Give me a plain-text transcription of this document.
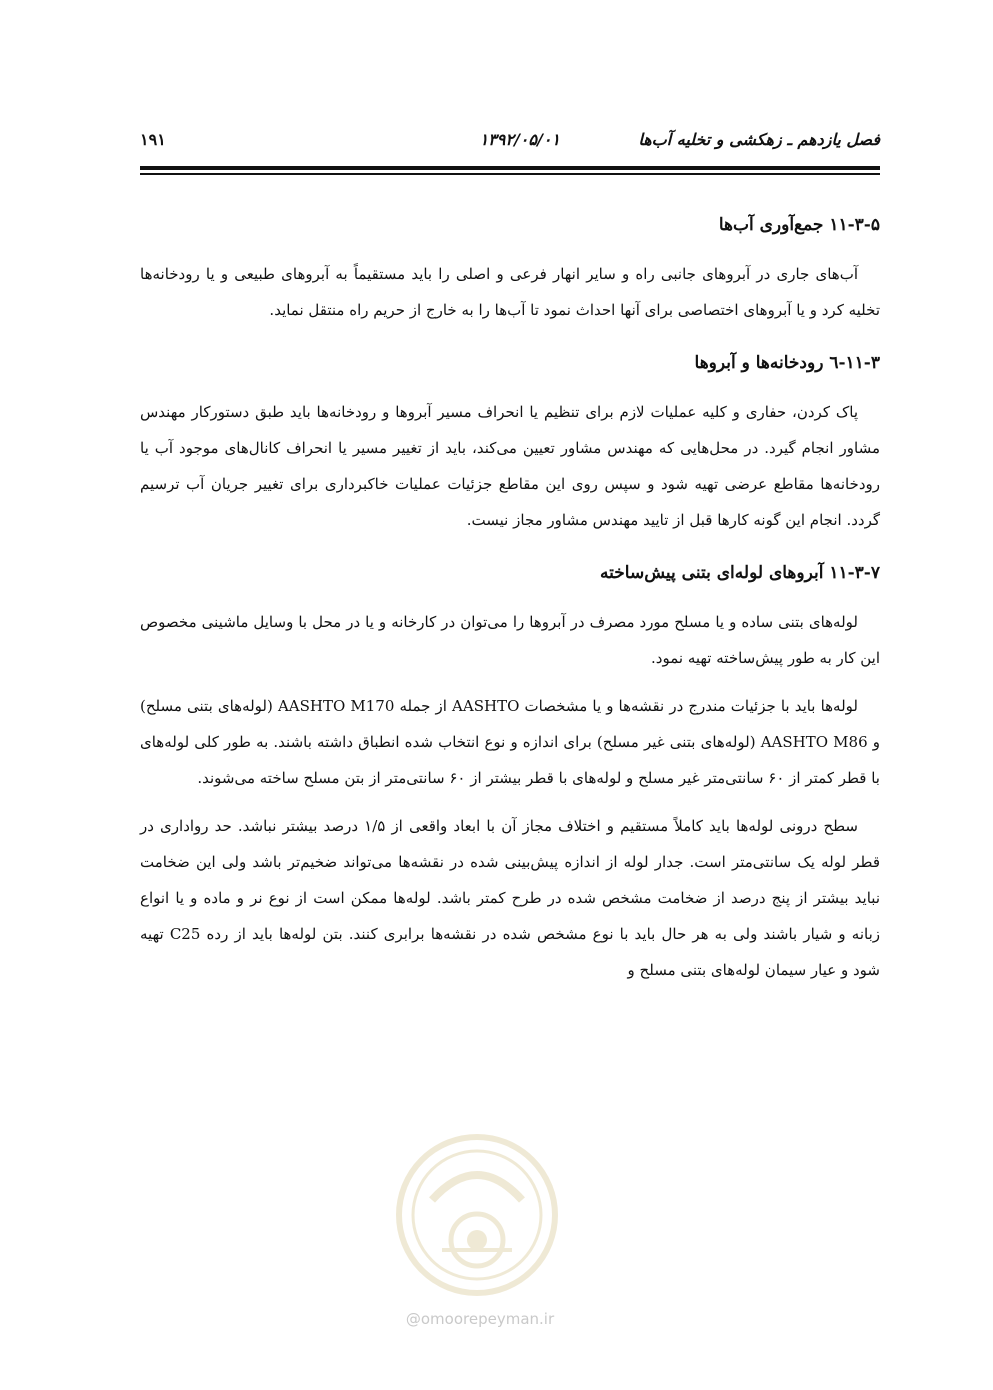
فصل یازدهم ـ زهکشی و تخلیه آب‌ها
۱۳۹۲/۰۵/۰۱
۱۹۱
۱۱-۳-۵ جمع‌آوری آب‌ها

آب‌های جاری در آبروهای جانبی راه و سایر انهار فرعی و اصلی را باید مستقیماً به آبروهای طبیعی و یا رودخانه‌ها تخلیه کرد و یا آبروهای اختصاصی برای آنها احداث نمود تا آب‌ها را به خارج از حریم راه منتقل نماید.

۱۱-۳-٦ رودخانه‌ها و آبروها

پاک کردن، حفاری و کلیه عملیات لازم برای تنظیم یا انحراف مسیر آبروها و رودخانه‌ها باید طبق دستورکار مهندس مشاور انجام گیرد. در محل‌هایی که مهندس مشاور تعیین می‌کند، باید از تغییر مسیر یا انحراف کانال‌های موجود آب یا رودخانه‌ها مقاطع عرضی تهیه شود و سپس روی این مقاطع جزئیات عملیات خاکبرداری برای تغییر جریان آب ترسیم گردد. انجام این گونه کارها قبل از تایید مهندس مشاور مجاز نیست.

۱۱-۳-۷ آبروهای لوله‌ای بتنی پیش‌ساخته

لوله‌های بتنی ساده و یا مسلح مورد مصرف در آبروها را می‌توان در کارخانه و یا در محل با وسایل ماشینی مخصوص این کار به طور پیش‌ساخته تهیه نمود.

لوله‌ها باید با جزئیات مندرج در نقشه‌ها و یا مشخصات AASHTO از جمله AASHTO M170 (لوله‌های بتنی مسلح) و AASHTO M86 (لوله‌های بتنی غیر مسلح) برای اندازه و نوع انتخاب شده انطباق داشته باشند. به طور کلی لوله‌های با قطر کمتر از ۶۰ سانتی‌متر غیر مسلح و لوله‌های با قطر بیشتر از ۶۰ سانتی‌متر از بتن مسلح ساخته می‌شوند.

سطح درونی لوله‌ها باید کاملاً مستقیم و اختلاف مجاز آن با ابعاد واقعی از ۱/۵ درصد بیشتر نباشد. حد رواداری در قطر لوله یک سانتی‌متر است. جدار لوله از اندازه پیش‌بینی شده در نقشه‌ها می‌تواند ضخیم‌تر باشد ولی این ضخامت نباید بیشتر از پنج درصد از ضخامت مشخص شده در طرح کمتر باشد. لوله‌ها ممکن است از نوع نر و ماده و یا انواع زبانه و شیار باشند ولی به هر حال باید با نوع مشخص شده در نقشه‌ها برابری کنند. بتن لوله‌ها باید از رده C25 تهیه شود و عیار سیمان لوله‌های بتنی مسلح و

@omoorepeyman.ir
